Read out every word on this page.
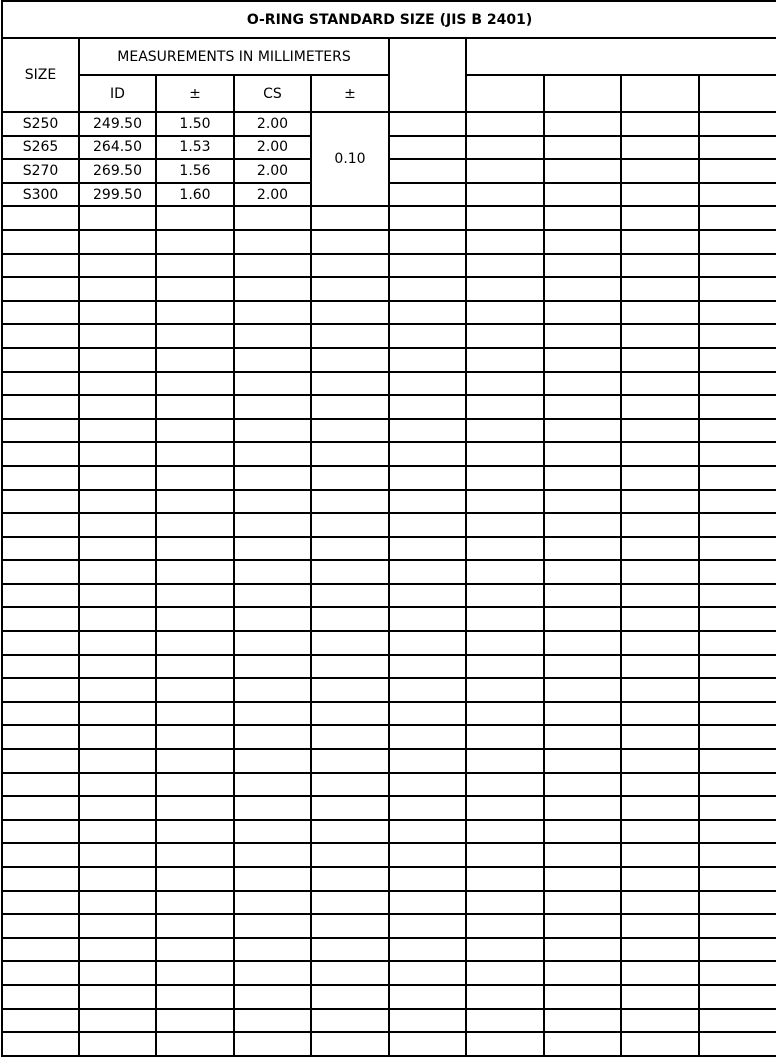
O-RING STANDARD SIZE (JIS B 2401)									
SIZE	MEASUREMENTS IN MILLIMETERS								
	ID	±	CS	±					
S250	249.50	1.50	2.00	0.10					
S265	264.50	1.53	2.00						
S270	269.50	1.56	2.00						
S300	299.50	1.60	2.00						
